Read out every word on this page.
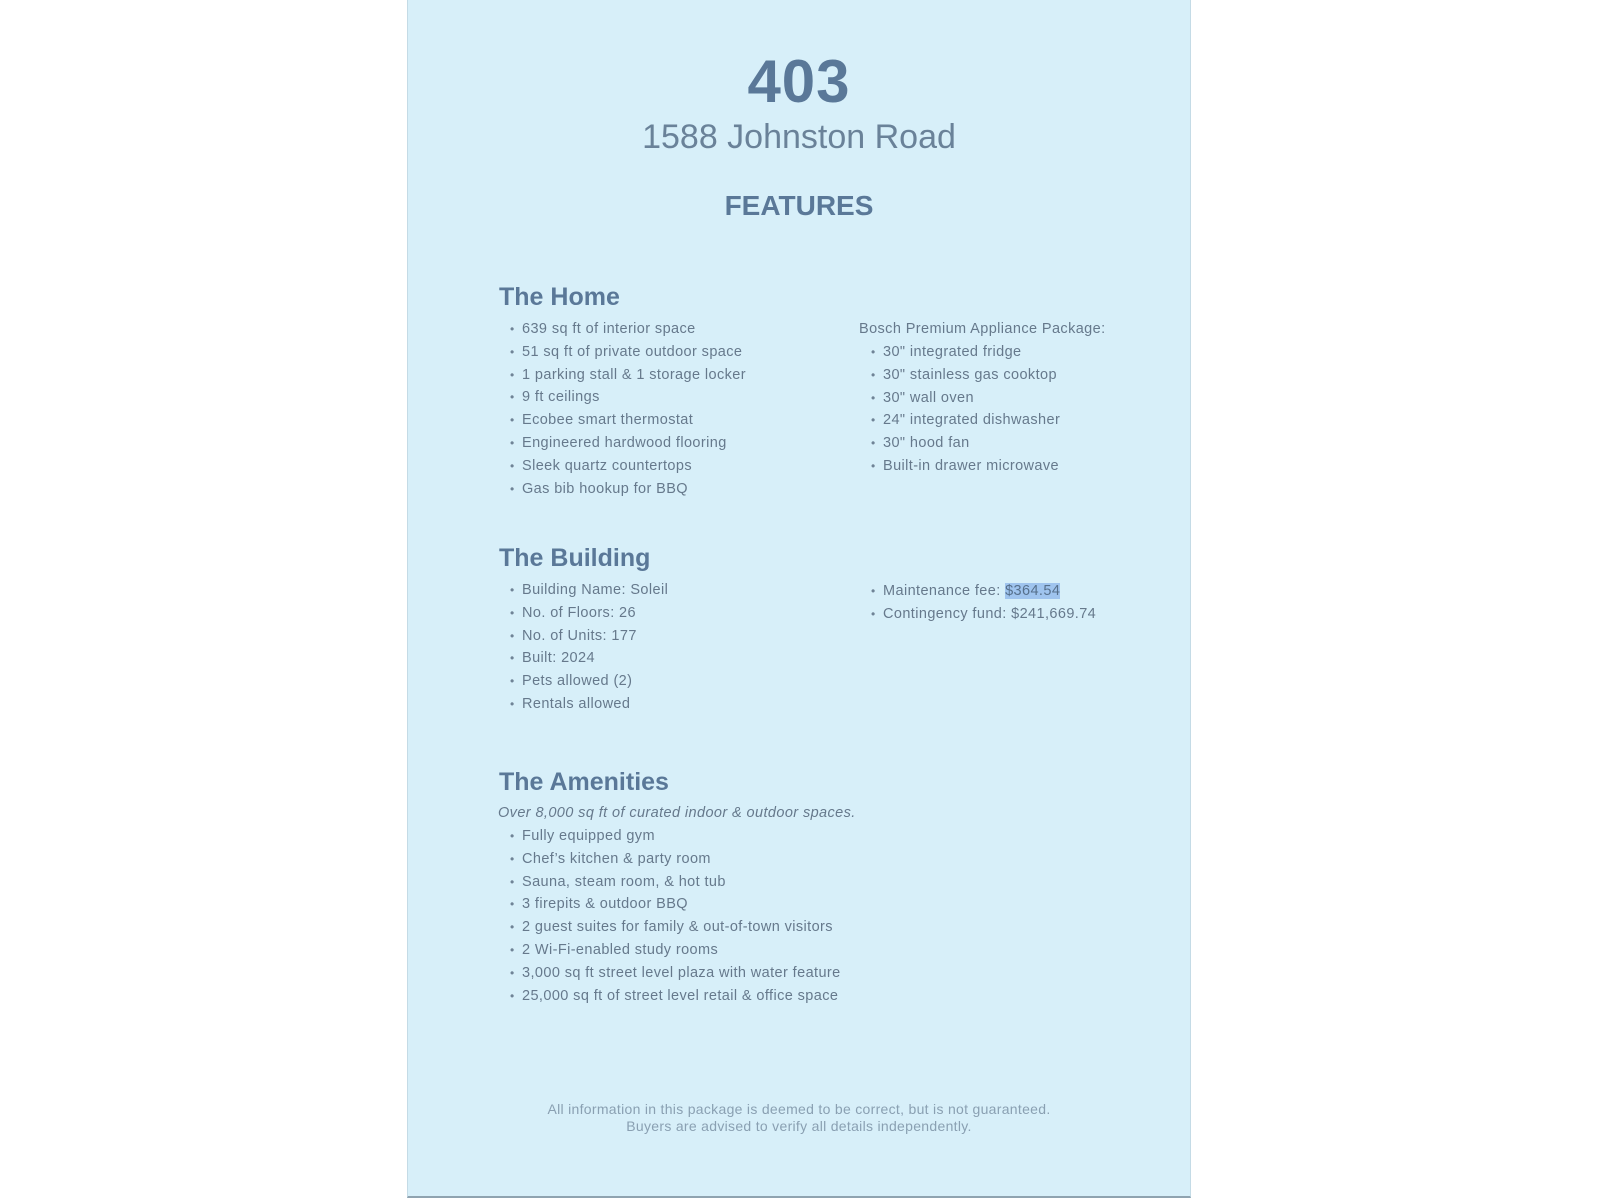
403
1588 Johnston Road
FEATURES
The Home
• 639 sq ft of interior space
• 51 sq ft of private outdoor space
• 1 parking stall & 1 storage locker
• 9 ft ceilings
• Ecobee smart thermostat
• Engineered hardwood flooring
• Sleek quartz countertops
• Gas bib hookup for BBQ
Bosch Premium Appliance Package:
• 30" integrated fridge
• 30" stainless gas cooktop
• 30" wall oven
• 24" integrated dishwasher
• 30" hood fan
• Built-in drawer microwave
The Building
• Building Name: Soleil
• No. of Floors: 26
• No. of Units: 177
• Built: 2024
• Pets allowed (2)
• Rentals allowed
• Maintenance fee: $364.54
• Contingency fund: $241,669.74
The Amenities
Over 8,000 sq ft of curated indoor & outdoor spaces.
• Fully equipped gym
• Chef’s kitchen & party room
• Sauna, steam room, & hot tub
• 3 firepits & outdoor BBQ
• 2 guest suites for family & out-of-town visitors
• 2 Wi-Fi-enabled study rooms
• 3,000 sq ft street level plaza with water feature
• 25,000 sq ft of street level retail & office space
All information in this package is deemed to be correct, but is not guaranteed.
Buyers are advised to verify all details independently.
